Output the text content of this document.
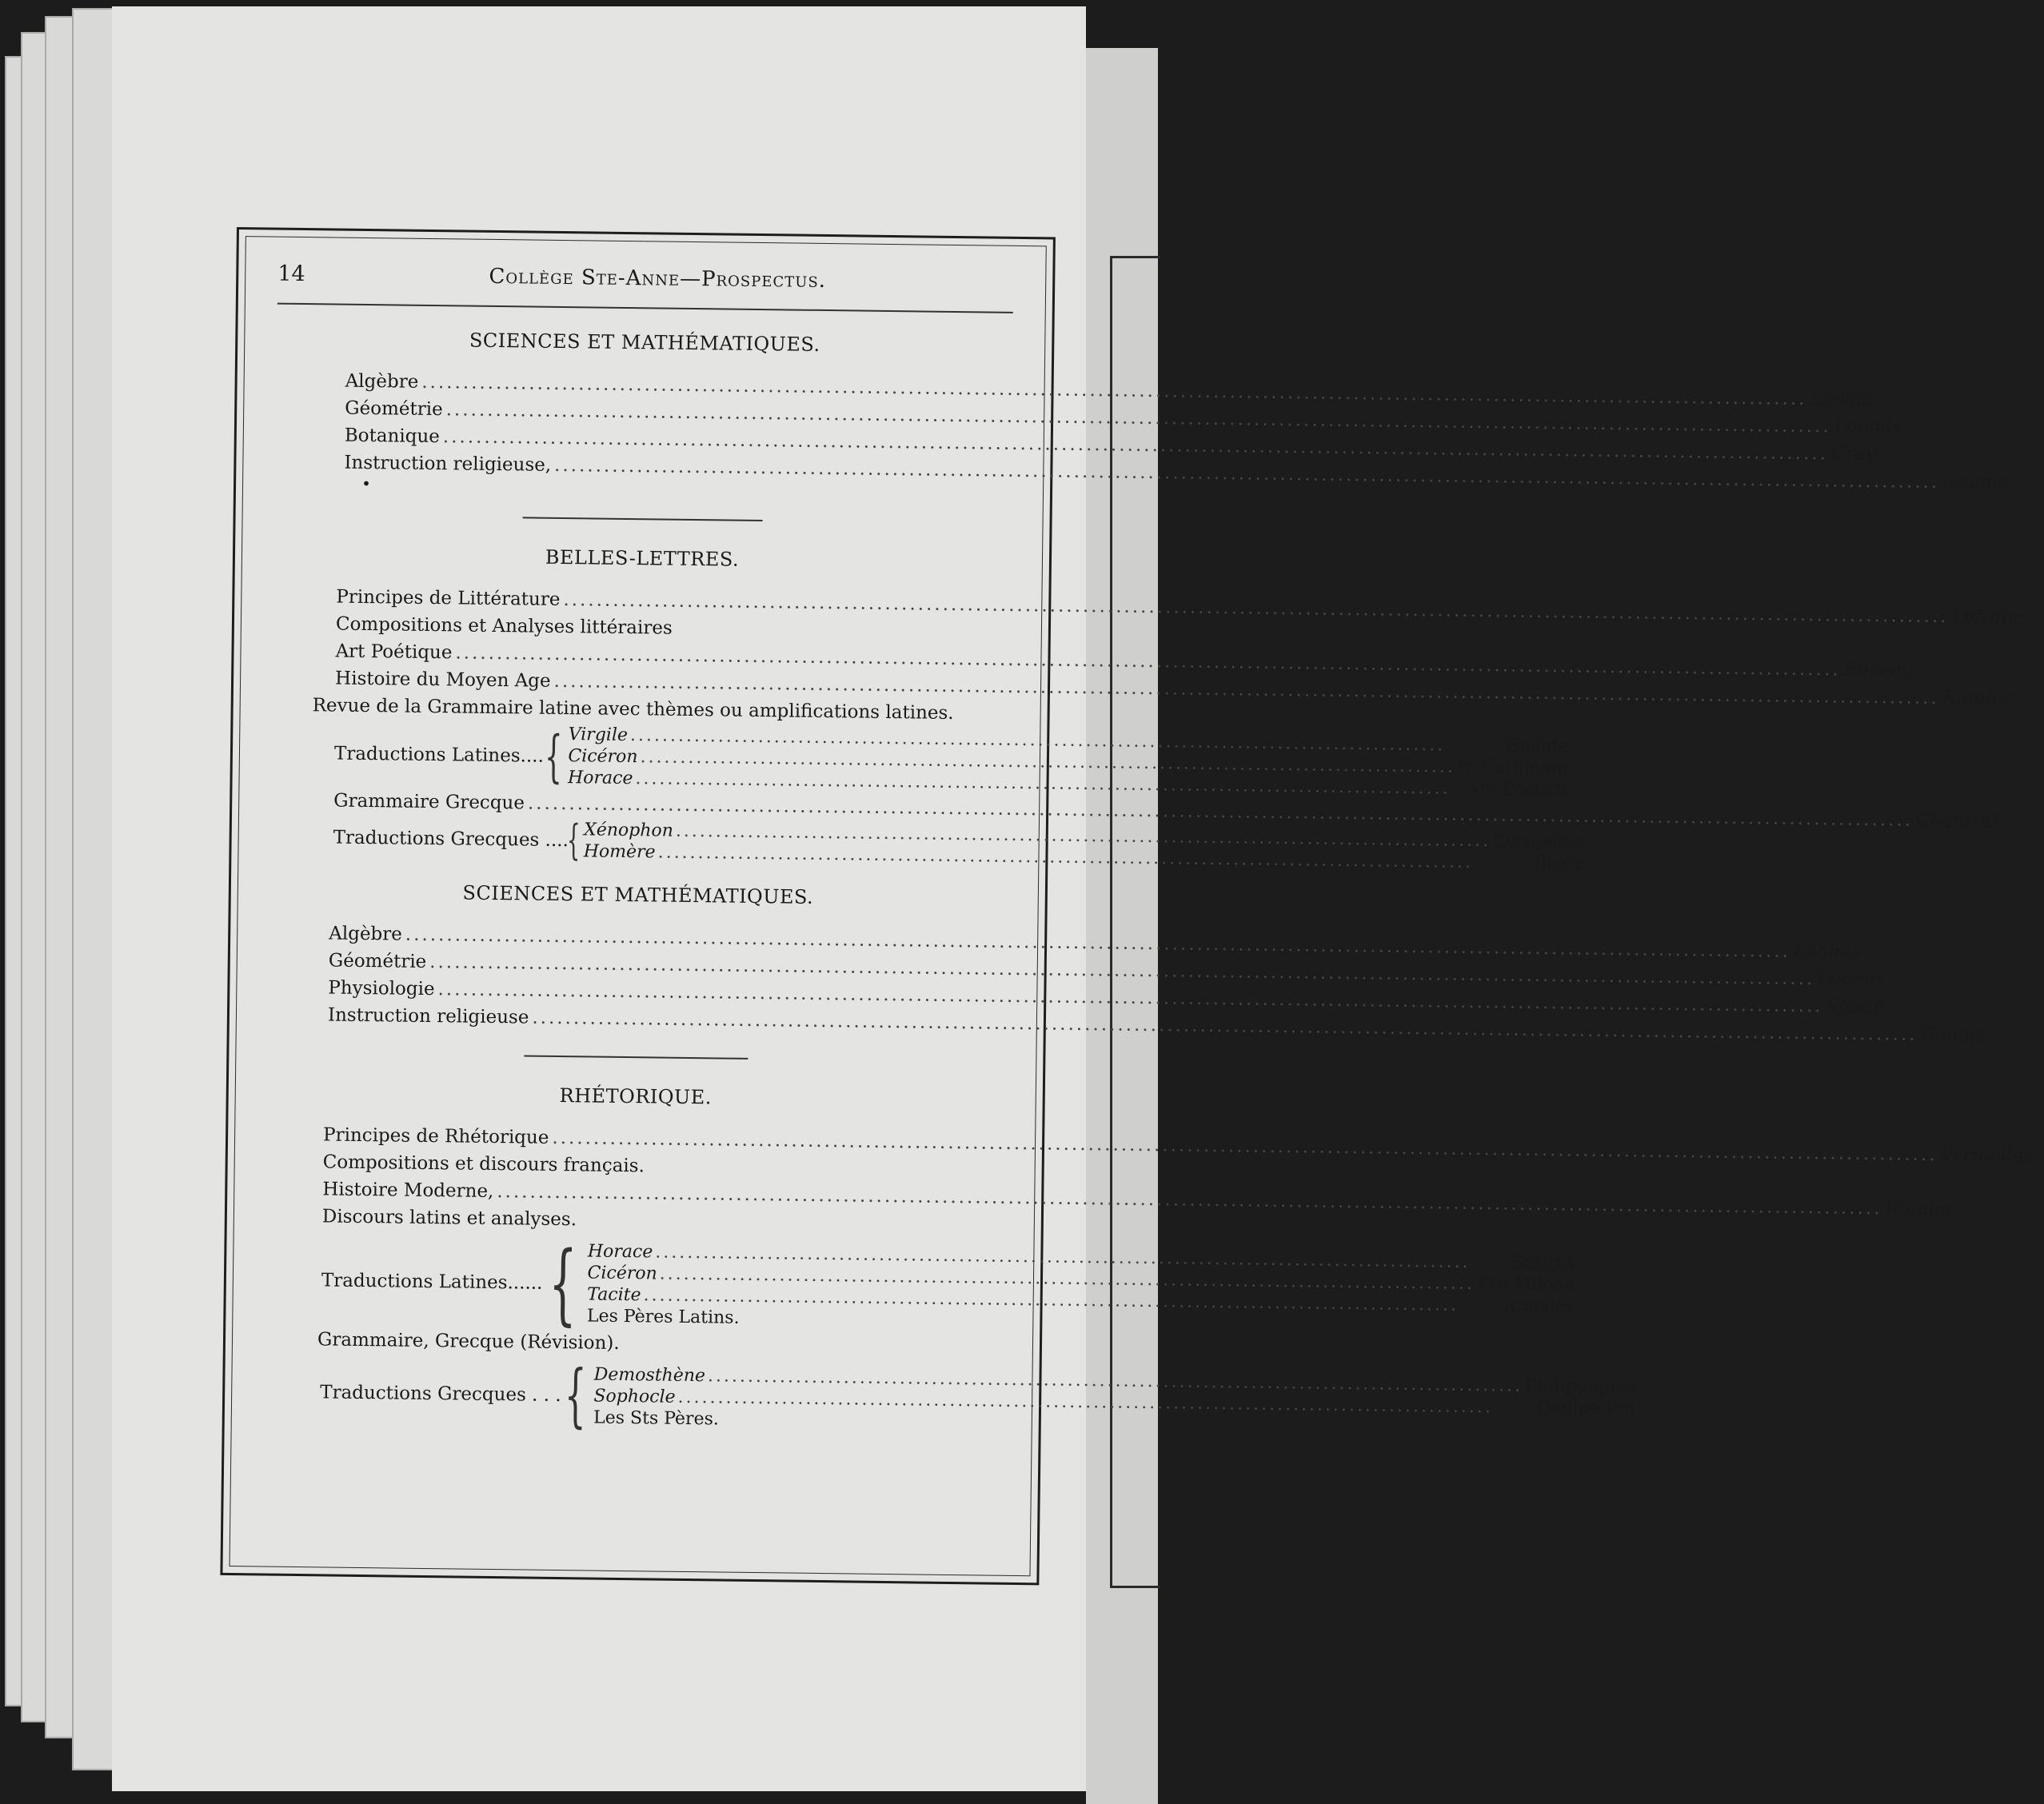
14	Collège Ste-Anne—Prospectus.
SCIENCES ET MATHÉMATIQUES.
Algèbre
.....
Loomis
Géométrie
.....
Loomis
Botanique
.....
Gray
Instruction religieuse,
.....
Gaume
•
BELLES-LETTRES.
Principes de Littérature
.....
Lefranc
Compositions et Analyses littéraires
Art Poétique
.....
Boileau
Histoire du Moyen Age
.....
Riquier
Revue de la Grammaire latine avec thèmes ou amplifications latines.
Traductions Latines.... { Virgile
.....
Énéide
Cicéron
.....
In Catilinam
Horace
.....
Ars Poetica
Grammaire Grecque
.....
Chantrel
Traductions Grecques ....
{ Xénophon
.....
Cyropédie
Homère
.....
Iliade
SCIENCES ET MATHÉMATIQUES.
Algèbre
.....
Loomis
Géométrie
.....
Loomis
Physiologie
.....
Steele
Instruction religieuse
.....
Gaume
RHÉTORIQUE.
Principes de Rhétorique
.....
Verniolles
Compositions et discours français.
Histoire Moderne,
.....
Riquier
Discours latins et analyses.
Traductions Latines...... { Horace
.....
Satires
Cicéron
.....
Pro Milone
Tacite
.....
Annales
Les Pères Latins.
Grammaire, Grecque (Révision).
Traductions Grecques . . . { Demosthène
.....
Philippiques
Sophocle
.....
Oedipe Roi
Les Sts Pères.
